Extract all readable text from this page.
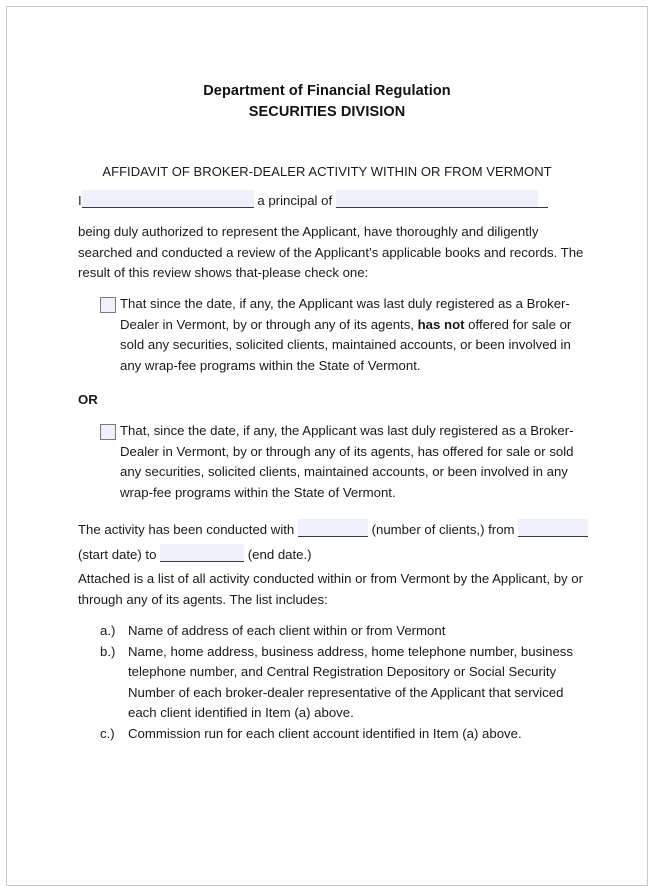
Department of Financial Regulation
SECURITIES DIVISION
AFFIDAVIT OF BROKER-DEALER ACTIVITY WITHIN OR FROM VERMONT
I	a principal of

being duly authorized to represent the Applicant, have thoroughly and diligently searched and conducted a review of the Applicant’s applicable books and records. The result of this review shows that-please check one:

That since the date, if any, the Applicant was last duly registered as a Broker-Dealer in Vermont, by or through any of its agents, has not offered for sale or sold any securities, solicited clients, maintained accounts, or been involved in any wrap-fee programs within the State of Vermont.
OR
That, since the date, if any, the Applicant was last duly registered as a Broker-Dealer in Vermont, by or through any of its agents, has offered for sale or sold any securities, solicited clients, maintained accounts, or been involved in any wrap-fee programs within the State of Vermont.
The activity has been conducted with	(number of clients,) from  (start date) to	(end date.)

Attached is a list of all activity conducted within or from Vermont by the Applicant, by or through any of its agents. The list includes:

a.) Name of address of each client within or from Vermont
b.) Name, home address, business address, home telephone number, business telephone number, and Central Registration Depository or Social Security Number of each broker-dealer representative of the Applicant that serviced each client identified in Item (a) above.
c.) Commission run for each client account identified in Item (a) above.
